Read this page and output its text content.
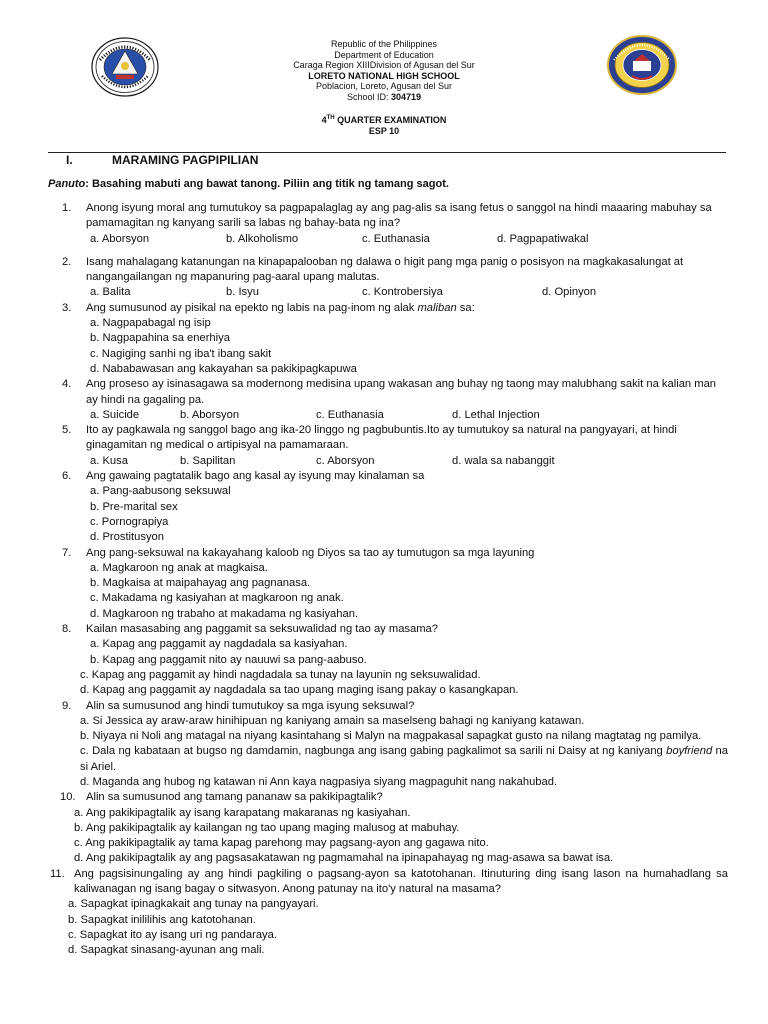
Republic of the Philippines
Department of Education
Caraga Region XIIIDivision of Agusan del Sur
LORETO NATIONAL HIGH SCHOOL
Poblacion, Loreto, Agusan del Sur
School ID: 304719
4TH QUARTER EXAMINATION
ESP 10
I.	MARAMING PAGPIPILIAN
Panuto: Basahing mabuti ang bawat tanong. Piliin ang titik ng tamang sagot.
1. Anong isyung moral ang tumutukoy sa pagpapalaglag ay ang pag-alis sa isang fetus o sanggol na hindi maaaring mabuhay sa pamamagitan ng kanyang sarili sa labas ng bahay-bata ng ina?
a. Aborsyon	b. Alkoholismo	c. Euthanasia	d. Pagpapatiwakal
2. Isang mahalagang katanungan na kinapapalooban ng dalawa o higit pang mga panig o posisyon na magkakasalungat at nangangailangan ng mapanuring pag-aaral upang malutas.
a. Balita	b. Isyu	c. Kontrobersiya	d. Opinyon
3. Ang sumusunod ay pisikal na epekto ng labis na pag-inom ng alak maliban sa:
a. Nagpapabagal ng isip
b. Nagpapahina sa enerhiya
c. Nagiging sanhi ng iba't ibang sakit
d. Nababawasan ang kakayahan sa pakikipagkapuwa
4. Ang proseso ay isinasagawa sa modernong medisina upang wakasan ang buhay ng taong may malubhang sakit na kalian man ay hindi na gagaling pa.
a. Suicide	b. Aborsyon	c. Euthanasia	d. Lethal Injection
5. Ito ay pagkawala ng sanggol bago ang ika-20 linggo ng pagbubuntis.Ito ay tumutukoy sa natural na pangyayari, at hindi ginagamitan ng medical o artipisyal na pamamaraan.
a. Kusa	b. Sapilitan	c. Aborsyon	d. wala sa nabanggit
6. Ang gawaing pagtatalik bago ang kasal ay isyung may kinalaman sa
a. Pang-aabusong seksuwal
b. Pre-marital sex
c. Pornograpiya
d. Prostitusyon
7. Ang pang-seksuwal na kakayahang kaloob ng Diyos sa tao ay tumutugon sa mga layuning
a. Magkaroon ng anak at magkaisa.
b. Magkaisa at maipahayag ang pagnanasa.
c. Makadama ng kasiyahan at magkaroon ng anak.
d. Magkaroon ng trabaho at makadama ng kasiyahan.
8. Kailan masasabing ang paggamit sa seksuwalidad ng tao ay masama?
a. Kapag ang paggamit ay nagdadala sa kasiyahan.
b. Kapag ang paggamit nito ay nauuwi sa pang-aabuso.
c. Kapag ang paggamit ay hindi nagdadala sa tunay na layunin ng seksuwalidad.
d. Kapag ang paggamit ay nagdadala sa tao upang maging isang pakay o kasangkapan.
9. Alin sa sumusunod ang hindi tumutukoy sa mga isyung seksuwal?
a. Si Jessica ay araw-araw hinihipuan ng kaniyang amain sa maselseng bahagi ng kaniyang katawan.
b. Niyaya ni Noli ang matagal na niyang kasintahang si Malyn na magpakasal sapagkat gusto na nilang magtatag ng pamilya.
c. Dala ng kabataan at bugso ng damdamin, nagbunga ang isang gabing pagkalimot sa sarili ni Daisy at ng kaniyang boyfriend na si Ariel.
d. Maganda ang hubog ng katawan ni Ann kaya nagpasiya siyang magpaguhit nang nakahubad.
10. Alin sa sumusunod ang tamang pananaw sa pakikipagtalik?
a. Ang pakikipagtalik ay isang karapatang makaranas ng kasiyahan.
b. Ang pakikipagtalik ay kailangan ng tao upang maging malusog at mabuhay.
c. Ang pakikipagtalik ay tama kapag parehong may pagsang-ayon ang gagawa nito.
d. Ang pakikipagtalik ay ang pagsasakatawan ng pagmamahal na ipinapahayag ng mag-asawa sa bawat isa.
11. Ang pagsisinungaling ay ang hindi pagkiling o pagsang-ayon sa katotohanan. Itinuturing ding isang lason na humahadlang sa kaliwanagan ng isang bagay o sitwasyon. Anong patunay na ito'y natural na masama?
a. Sapagkat ipinagkakait ang tunay na pangyayari.
b. Sapagkat inililihis ang katotohanan.
c. Sapagkat ito ay isang uri ng pandaraya.
d. Sapagkat sinasang-ayunan ang mali.
